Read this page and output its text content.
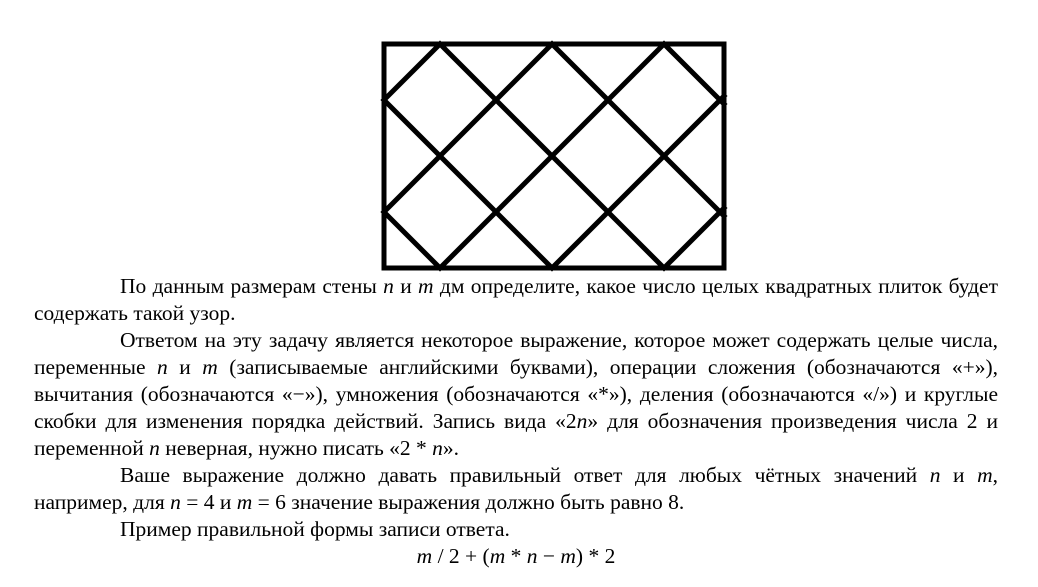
По данным размерам стены n и m дм определите, какое число целых квадратных плиток будет содержать такой узор.

Ответом на эту задачу является некоторое выражение, которое может содержать целые числа, переменные n и m (записываемые английскими буквами), операции сложения (обозначаются «+»), вычитания (обозначаются «−»), умножения (обозначаются «*»), деления (обозначаются «/») и круглые скобки для изменения порядка действий. Запись вида «2n» для обозначения произведения числа 2 и переменной n неверная, нужно писать «2 * n».

Ваше выражение должно давать правильный ответ для любых чётных значений n и m, например, для n = 4 и m = 6 значение выражения должно быть равно 8.

Пример правильной формы записи ответа.

m / 2 + (m * n − m) * 2
